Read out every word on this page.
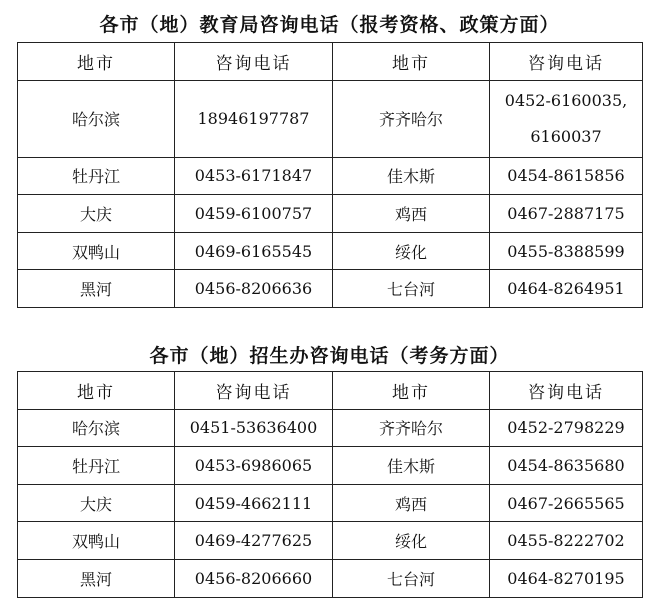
各市（地）教育局咨询电话（报考资格、政策方面）
地市	咨询电话	地市	咨询电话
哈尔滨	18946197787	齐齐哈尔	0452-6160035,
6160037

牡丹江	0453-6171847	佳木斯	0454-8615856
大庆	0459-6100757	鸡西	0467-2887175
双鸭山	0469-6165545	绥化	0455-8388599
黑河	0456-8206636	七台河	0464-8264951
各市（地）招生办咨询电话（考务方面）
地市	咨询电话	地市	咨询电话
哈尔滨	0451-53636400	齐齐哈尔	0452-2798229
牡丹江	0453-6986065	佳木斯	0454-8635680
大庆	0459-4662111	鸡西	0467-2665565
双鸭山	0469-4277625	绥化	0455-8222702
黑河	0456-8206660	七台河	0464-8270195
